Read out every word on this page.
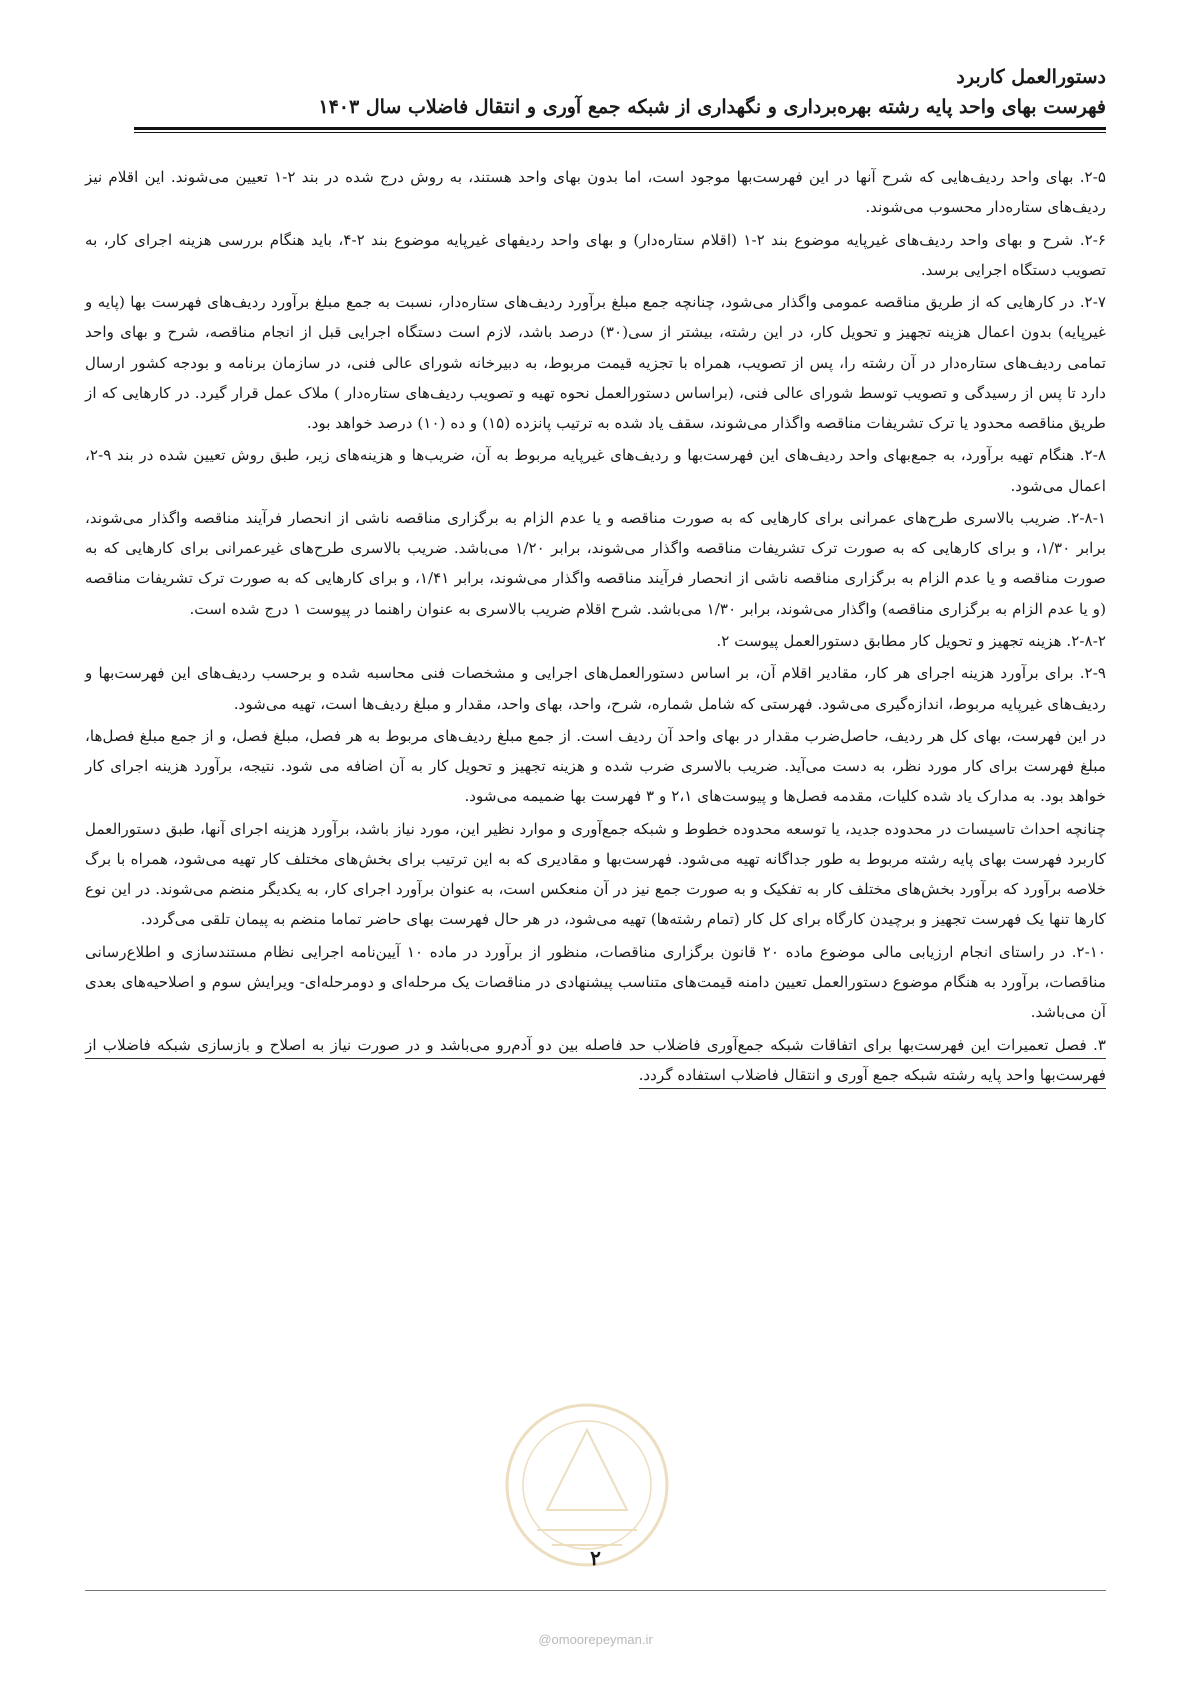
دستورالعمل کاربرد
فهرست بهای واحد پایه رشته بهره‌برداری و نگهداری از شبکه جمع آوری و انتقال فاضلاب سال ۱۴۰۳

۲-۵. بهای واحد ردیف‌هایی که شرح آنها در این فهرست‌بها موجود است، اما بدون بهای واحد هستند، به روش درج شده در بند ۲-۱ تعیین می‌شوند. این اقلام نیز ردیف‌های ستاره‌دار محسوب می‌شوند.

۲-۶. شرح و بهای واحد ردیف‌های غیرپایه موضوع بند ۲-۱ (اقلام ستاره‌دار) و بهای واحد ردیفهای غیرپایه موضوع بند ۲-۴، باید هنگام بررسی هزینه اجرای کار، به تصویب دستگاه اجرایی برسد.

۲-۷. در کارهایی که از طریق مناقصه عمومی واگذار می‌شود، چنانچه جمع مبلغ برآورد ردیف‌های ستاره‌دار، نسبت به جمع مبلغ برآورد ردیف‌های فهرست بها (پایه و غیرپایه) بدون اعمال هزینه تجهیز و تحویل کار، در این رشته، بیشتر از سی(۳۰) درصد باشد، لازم است دستگاه اجرایی قبل از انجام مناقصه، شرح و بهای واحد تمامی ردیف‌های ستاره‌دار در آن رشته را، پس از تصویب، همراه با تجزیه قیمت مربوط، به دبیرخانه شورای عالی فنی، در سازمان برنامه و بودجه کشور ارسال دارد تا پس از رسیدگی و تصویب توسط شورای عالی فنی، (براساس دستورالعمل نحوه تهیه و تصویب ردیف‌های ستاره‌دار ) ملاک عمل قرار گیرد. در کارهایی که از طریق مناقصه محدود یا ترک تشریفات مناقصه واگذار می‌شوند، سقف یاد شده به ترتیب پانزده (۱۵) و ده (۱۰) درصد خواهد بود.

۲-۸. هنگام تهیه برآورد، به جمع‌بهای واحد ردیف‌های این فهرست‌بها و ردیف‌های غیرپایه مربوط به آن، ضریب‌ها و هزینه‌های زیر، طبق روش تعیین شده در بند ۹-۲، اعمال می‌شود.

۲-۸-۱. ضریب بالاسری طرح‌های عمرانی برای کارهایی که به صورت مناقصه و یا عدم الزام به برگزاری مناقصه ناشی از انحصار فرآیند مناقصه واگذار می‌شوند، برابر ۱/۳۰، و برای کارهایی که به صورت ترک تشریفات مناقصه واگذار می‌شوند، برابر ۱/۲۰ می‌باشد. ضریب بالاسری طرح‌های غیرعمرانی برای کارهایی که به صورت مناقصه و یا عدم الزام به برگزاری مناقصه ناشی از انحصار فرآیند مناقصه واگذار می‌شوند، برابر ۱/۴۱، و برای کارهایی که به صورت ترک تشریفات مناقصه (و یا عدم الزام به برگزاری مناقصه) واگذار می‌شوند، برابر ۱/۳۰ می‌باشد. شرح اقلام ضریب بالاسری به عنوان راهنما در پیوست ۱ درج شده است.

۲-۸-۲. هزینه تجهیز و تحویل کار مطابق دستورالعمل پیوست ۲.

۲-۹. برای برآورد هزینه اجرای هر کار، مقادیر اقلام آن، بر اساس دستورالعمل‌های اجرایی و مشخصات فنی محاسبه شده و برحسب ردیف‌های این فهرست‌بها و ردیف‌های غیرپایه مربوط، اندازه‌گیری می‌شود. فهرستی که شامل شماره، شرح، واحد، بهای واحد، مقدار و مبلغ ردیف‌ها است، تهیه می‌شود.

در این فهرست، بهای کل هر ردیف، حاصل‌ضرب مقدار در بهای واحد آن ردیف است. از جمع مبلغ ردیف‌های مربوط به هر فصل، مبلغ فصل، و از جمع مبلغ فصل‌ها، مبلغ فهرست برای کار مورد نظر، به دست می‌آید. ضریب بالاسری ضرب شده و هزینه تجهیز و تحویل کار به آن اضافه می شود. نتیجه، برآورد هزینه اجرای کار خواهد بود. به مدارک یاد شده کلیات، مقدمه فصل‌ها و پیوست‌های ۲،۱ و ۳ فهرست بها ضمیمه می‌شود.

چنانچه احداث تاسیسات در محدوده جدید، یا توسعه محدوده خطوط و شبکه جمع‌آوری و موارد نظیر این، مورد نیاز باشد، برآورد هزینه اجرای آنها، طبق دستورالعمل کاربرد فهرست بهای پایه رشته مربوط به طور جداگانه تهیه می‌شود. فهرست‌بها و مقادیری که به این ترتیب برای بخش‌های مختلف کار تهیه می‌شود، همراه با برگ خلاصه برآورد که برآورد بخش‌های مختلف کار به تفکیک و به صورت جمع نیز در آن منعکس است، به عنوان برآورد اجرای کار، به یکدیگر منضم می‌شوند. در این نوع کارها تنها یک فهرست تجهیز و برچیدن کارگاه برای کل کار (تمام رشته‌ها) تهیه می‌شود، در هر حال فهرست بهای حاضر تماما منضم به پیمان تلقی می‌گردد.

۲-۱۰. در راستای انجام ارزیابی مالی موضوع ماده ۲۰ قانون برگزاری مناقصات، منظور از برآورد در ماده ۱۰ آیین‌نامه اجرایی نظام مستندسازی و اطلاع‌رسانی مناقصات، برآورد به هنگام موضوع دستورالعمل تعیین دامنه قیمت‌های متناسب پیشنهادی در مناقصات یک مرحله‌ای و دومرحله‌ای- ویرایش سوم و اصلاحیه‌های بعدی آن می‌باشد.

۳. فصل تعمیرات این فهرست‌بها برای اتفاقات شبکه جمع‌آوری فاضلاب حد فاصله بین دو آدم‌رو می‌باشد و در صورت نیاز به اصلاح و بازسازی شبکه فاضلاب از فهرست‌بها واحد پایه رشته شبکه جمع آوری و انتقال فاضلاب استفاده گردد.

۲
@omoorepeyman.ir
